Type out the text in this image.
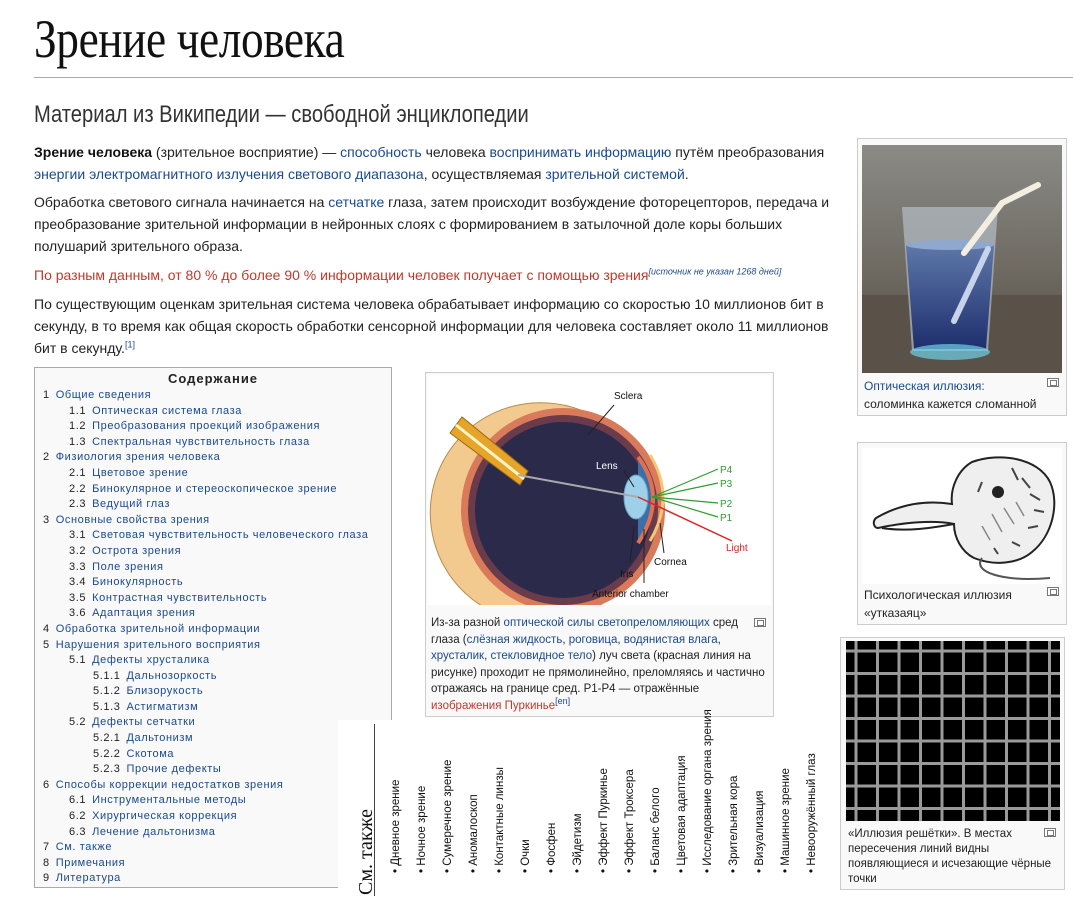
Зрение человека
Материал из Википедии — свободной энциклопедии

Зрение человека (зрительное восприятие) — способность человека воспринимать информацию путём преобразования энергии электромагнитного излучения светового диапазона, осуществляемая зрительной системой.

Обработка светового сигнала начинается на сетчатке глаза, затем происходит возбуждение фоторецепторов, передача и преобразование зрительной информации в нейронных слоях с формированием в затылочной доле коры больших полушарий зрительного образа.

По разным данным, от 80 % до более 90 % информации человек получает с помощью зрения[источник не указан 1268 дней]

По существующим оценкам зрительная система человека обрабатывает информацию со скоростью 10 миллионов бит в секунду, в то время как общая скорость обработки сенсорной информации для человека составляет около 11 миллионов бит в секунду.[1]

Оптическая иллюзия:
соломинка кажется сломанной
Психологическая иллюзия «утказаяц»
«Иллюзия решётки». В местах пересечения линий видны появляющиеся и исчезающие чёрные точки
Содержание
1 Общие сведения
1.1 Оптическая система глаза
1.2 Преобразования проекций изображения
1.3 Спектральная чувствительность глаза
2 Физиология зрения человека
2.1 Цветовое зрение
2.2 Бинокулярное и стереоскопическое зрение
2.3 Ведущий глаз
3 Основные свойства зрения
3.1 Световая чувствительность человеческого глаза
3.2 Острота зрения
3.3 Поле зрения
3.4 Бинокулярность
3.5 Контрастная чувствительность
3.6 Адаптация зрения
4 Обработка зрительной информации
5 Нарушения зрительного восприятия
5.1 Дефекты хрусталика
5.1.1 Дальнозоркость
5.1.2 Близорукость
5.1.3 Астигматизм
5.2 Дефекты сетчатки
5.2.1 Дальтонизм
5.2.2 Скотома
5.2.3 Прочие дефекты
6 Способы коррекции недостатков зрения
6.1 Инструментальные методы
6.2 Хирургическая коррекция
6.3 Лечение дальтонизма
7 См. также
8 Примечания
9 Литература
Sclera
Lens	P4
P3
P2
P1
Light
Cornea
Iris
Anterior chamber
Из-за разной оптической силы светопреломляющих сред глаза (слёзная жидкость, роговица, водянистая влага, хрусталик, стекловидное тело) луч света (красная линия на рисунке) проходит не прямолинейно, преломляясь и частично отражаясь на границе сред. P1-P4 — отражённые изображения Пуркинье[en]
См. также • Дневное зрение • Ночное зрение • Сумеречное зрение • Аномалоскоп • Контактные линзы • Очки • Фосфен • Эйдетизм • Эффект Пуркинье • Эффект Троксера • Баланс белого • Цветовая адаптация • Исследование органа зрения • Зрительная кора • Визуализация • Машинное зрение • Невооружённый глаз
